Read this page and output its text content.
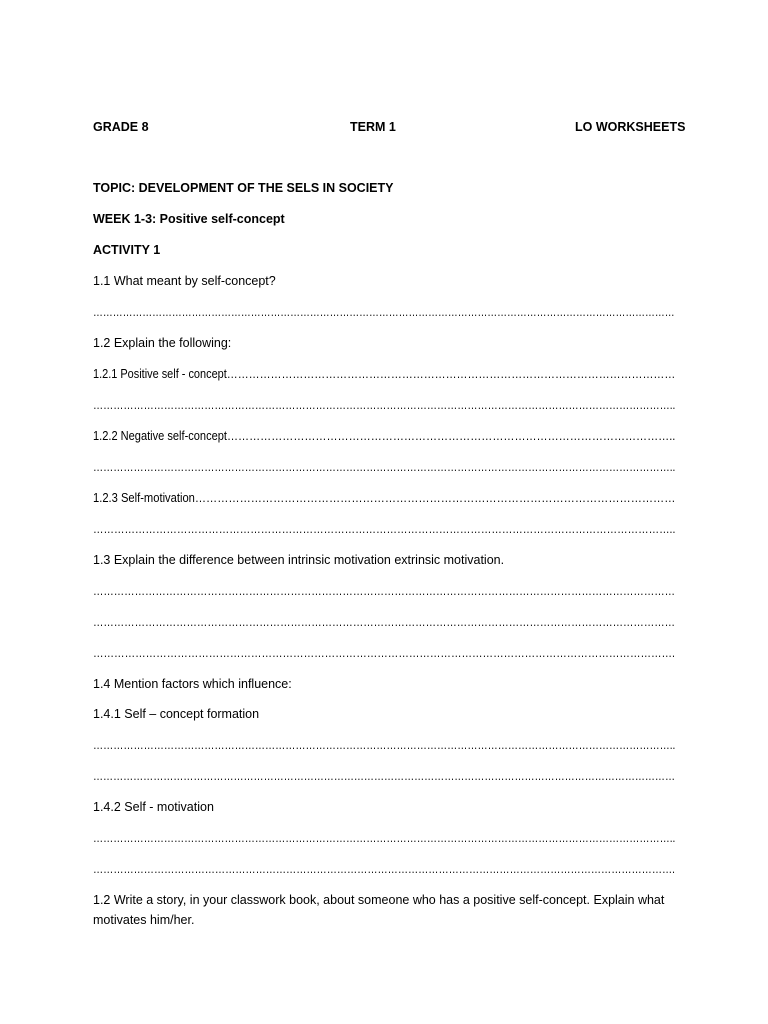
GRADE 8	TERM 1	LO WORKSHEETS
TOPIC: DEVELOPMENT OF THE SELS IN SOCIETY
WEEK 1-3: Positive self-concept
ACTIVITY 1
1.1 What meant by self-concept?
……………………………………………………………………………………………………………………………………………………………
1.2 Explain the following:
1.2.1 Positive self - concept……………………………………………………………………………………………………………
………………………………………………………………………………………………………………………………………………………..
1.2.2 Negative self-concept…………………………………………………………………………………………………………..
………………………………………………………………………………………………………………………………………………………..
1.2.3 Self-motivation…………………………………………………………………………………………………………………
…………………………………………………………………………………………………………………………………………………..
1.3 Explain the difference between intrinsic motivation extrinsic motivation.
……………………………………………………………………………………………………………………………………………………
……………………………………………………………………………………………………………………………………………………
………………………………………………………………………………………………………………………………………………….
1.4 Mention factors which influence:
1.4.1 Self – concept formation
………………………………………………………………………………………………………………………………………………………..
…………………………………………………………………………………………………………………………………………………………
1.4.2 Self - motivation
………………………………………………………………………………………………………………………………………………………..
……………………………………………………………………………………………………………………………………………………….
1.2 Write a story, in your classwork book, about someone who has a positive self-concept. Explain what motivates him/her.
